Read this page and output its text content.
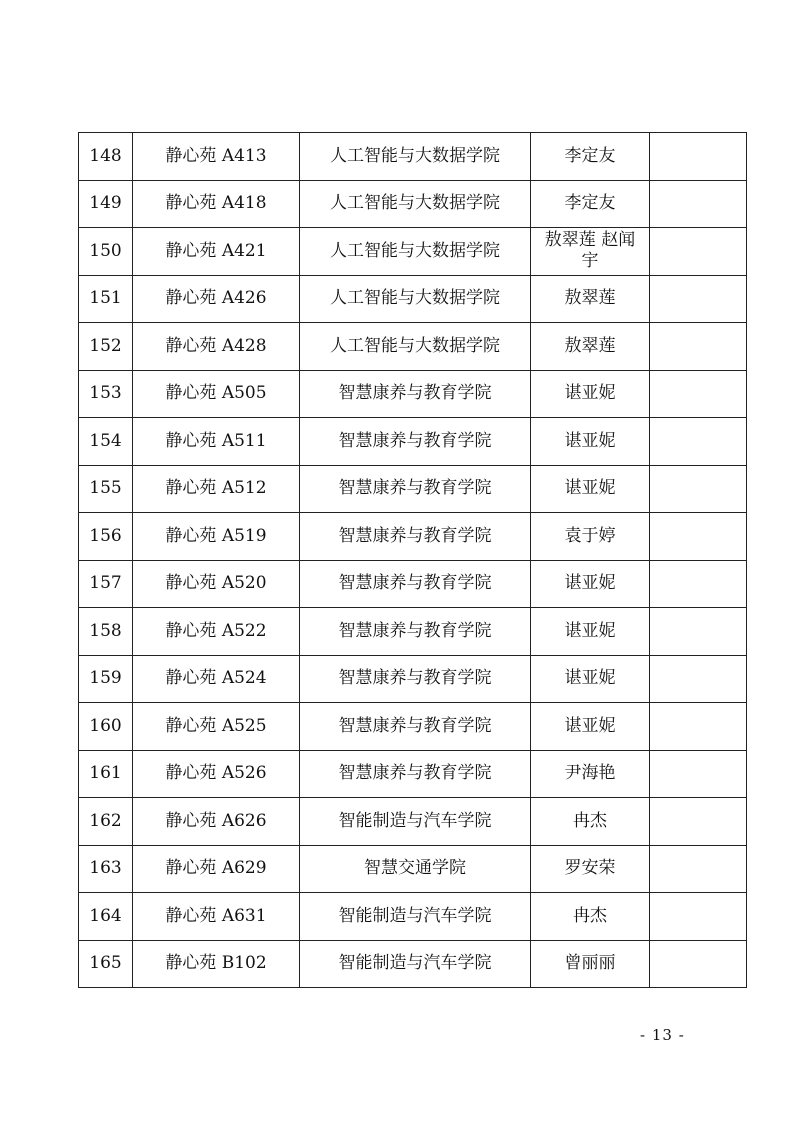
148	静心苑 A413	人工智能与大数据学院	李定友	
149	静心苑 A418	人工智能与大数据学院	李定友	
150	静心苑 A421	人工智能与大数据学院	敖翠莲 赵闻宇	
151	静心苑 A426	人工智能与大数据学院	敖翠莲	
152	静心苑 A428	人工智能与大数据学院	敖翠莲	
153	静心苑 A505	智慧康养与教育学院	谌亚妮	
154	静心苑 A511	智慧康养与教育学院	谌亚妮	
155	静心苑 A512	智慧康养与教育学院	谌亚妮	
156	静心苑 A519	智慧康养与教育学院	袁于婷	
157	静心苑 A520	智慧康养与教育学院	谌亚妮	
158	静心苑 A522	智慧康养与教育学院	谌亚妮	
159	静心苑 A524	智慧康养与教育学院	谌亚妮	
160	静心苑 A525	智慧康养与教育学院	谌亚妮	
161	静心苑 A526	智慧康养与教育学院	尹海艳	
162	静心苑 A626	智能制造与汽车学院	冉杰	
163	静心苑 A629	智慧交通学院	罗安荣	
164	静心苑 A631	智能制造与汽车学院	冉杰	
165	静心苑 B102	智能制造与汽车学院	曾丽丽	
- 13 -
